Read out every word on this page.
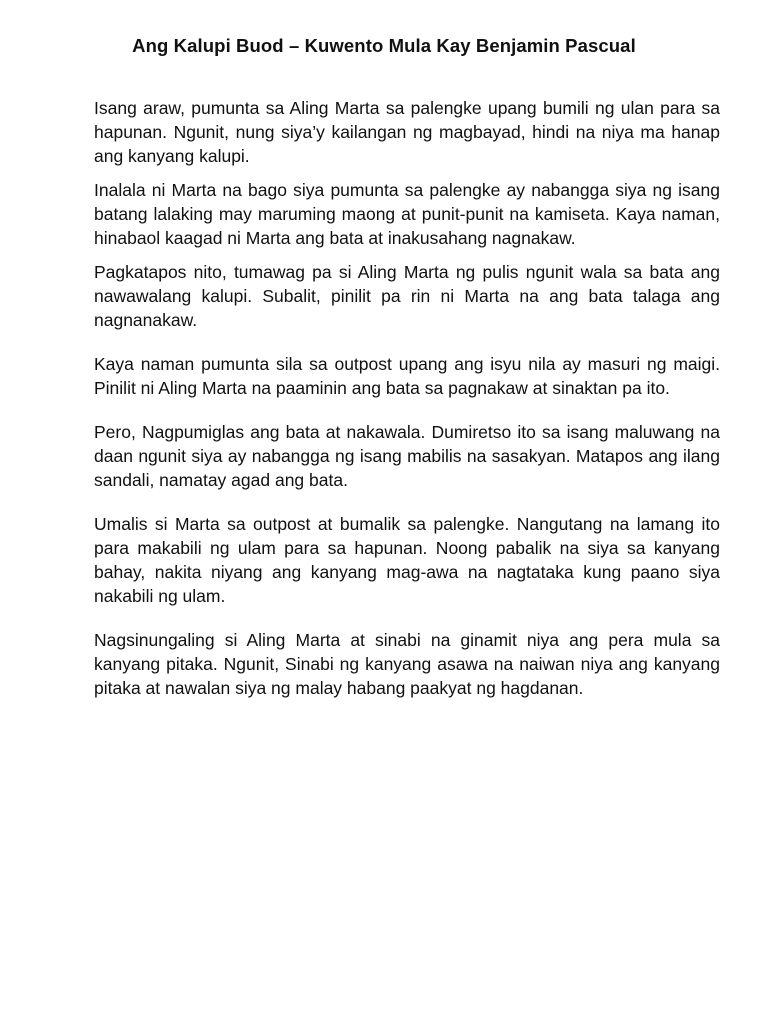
Ang Kalupi Buod – Kuwento Mula Kay Benjamin Pascual

Isang araw, pumunta sa Aling Marta sa palengke upang bumili ng ulan para sa hapunan. Ngunit, nung siya’y kailangan ng magbayad, hindi na niya ma hanap ang kanyang kalupi.

Inalala ni Marta na bago siya pumunta sa palengke ay nabangga siya ng isang batang lalaking may maruming maong at punit-punit na kamiseta. Kaya naman, hinabaol kaagad ni Marta ang bata at inakusahang nagnakaw.

Pagkatapos nito, tumawag pa si Aling Marta ng pulis ngunit wala sa bata ang nawawalang kalupi. Subalit, pinilit pa rin ni Marta na ang bata talaga ang nagnanakaw.

Kaya naman pumunta sila sa outpost upang ang isyu nila ay masuri ng maigi. Pinilit ni Aling Marta na paaminin ang bata sa pagnakaw at sinaktan pa ito.

Pero, Nagpumiglas ang bata at nakawala. Dumiretso ito sa isang maluwang na daan ngunit siya ay nabangga ng isang mabilis na sasakyan. Matapos ang ilang sandali, namatay agad ang bata.

Umalis si Marta sa outpost at bumalik sa palengke. Nangutang na lamang ito para makabili ng ulam para sa hapunan. Noong pabalik na siya sa kanyang bahay, nakita niyang ang kanyang mag-awa na nagtataka kung paano siya nakabili ng ulam.

Nagsinungaling si Aling Marta at sinabi na ginamit niya ang pera mula sa kanyang pitaka. Ngunit, Sinabi ng kanyang asawa na naiwan niya ang kanyang pitaka at nawalan siya ng malay habang paakyat ng hagdanan.
